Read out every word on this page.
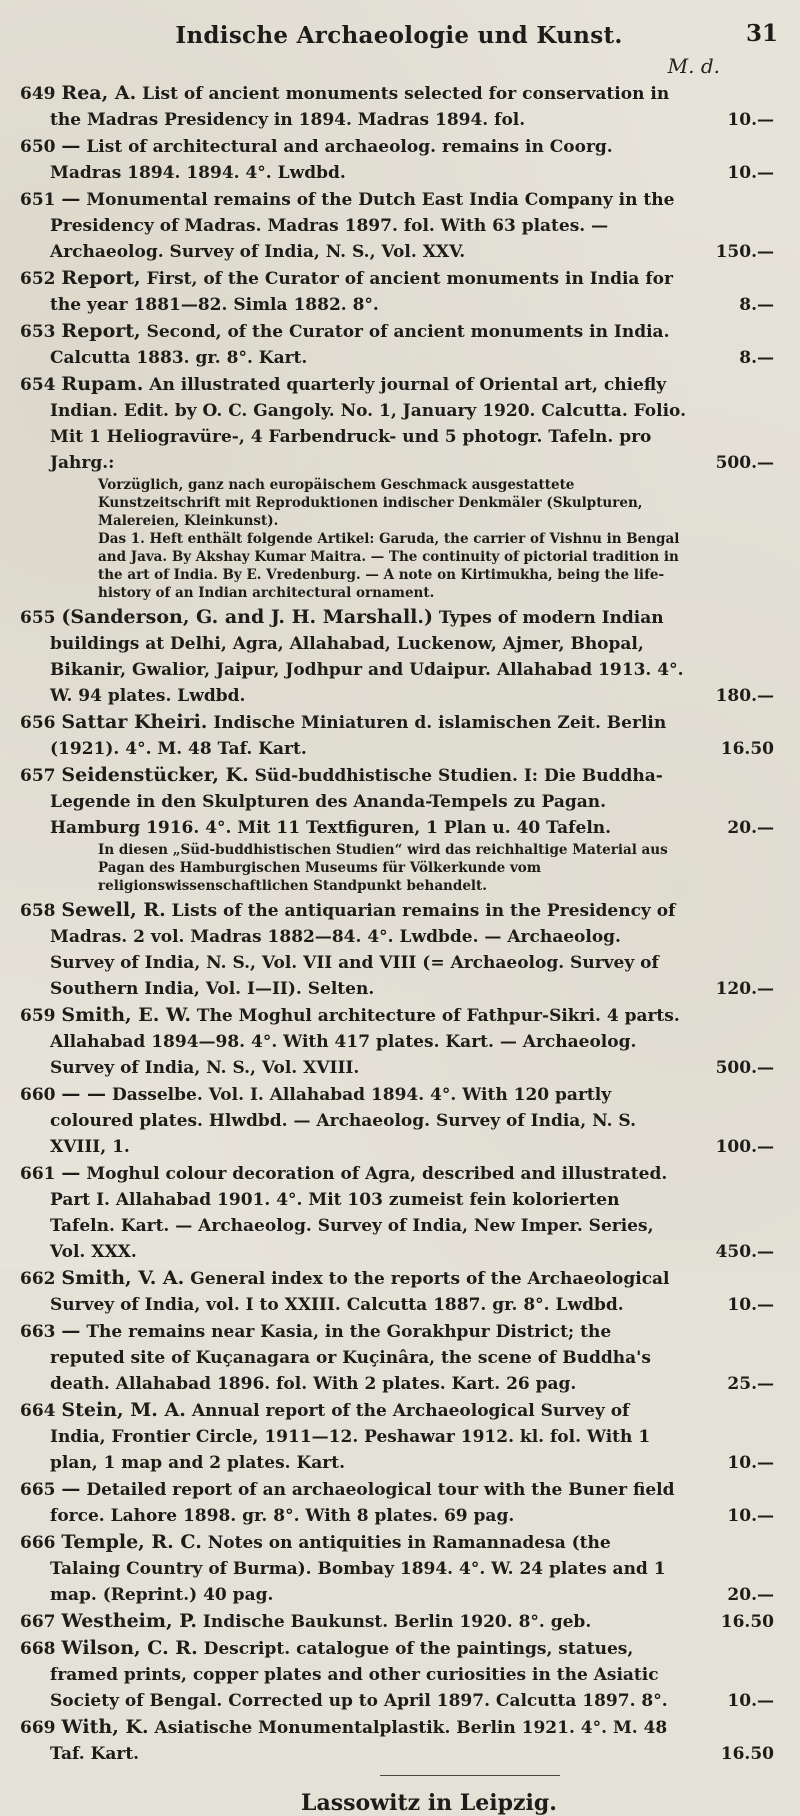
Indische Archaeologie und Kunst.	31
M. d.
649 Rea, A. List of ancient monuments selected for conservation in the Madras Presidency in 1894. Madras 1894. fol.	10.—
650 — List of architectural and archaeolog. remains in Coorg. Madras 1894. 1894. 4°. Lwdbd.	10.—
651 — Monumental remains of the Dutch East India Company in the Presidency of Madras. Madras 1897. fol. With 63 plates. — Archaeolog. Survey of India, N. S., Vol. XXV.	150.—
652 Report, First, of the Curator of ancient monuments in India for the year 1881—82. Simla 1882. 8°.	8.—
653 Report, Second, of the Curator of ancient monuments in India. Calcutta 1883. gr. 8°. Kart.	8.—
654 Rupam. An illustrated quarterly journal of Oriental art, chiefly Indian. Edit. by O. C. Gangoly. No. 1, January 1920. Calcutta. Folio. Mit 1 Heliogravüre-, 4 Farbendruck- und 5 photogr. Tafeln. pro Jahrg.:	500.—
Vorzüglich, ganz nach europäischem Geschmack ausgestattete Kunstzeitschrift mit Reproduktionen indischer Denkmäler (Skulpturen, Malereien, Kleinkunst).
Das 1. Heft enthält folgende Artikel: Garuda, the carrier of Vishnu in Bengal and Java. By Akshay Kumar Maitra. — The continuity of pictorial tradition in the art of India. By E. Vredenburg. — A note on Kirtimukha, being the life-history of an Indian architectural ornament.
655 (Sanderson, G. and J. H. Marshall.) Types of modern Indian buildings at Delhi, Agra, Allahabad, Luckenow, Ajmer, Bhopal, Bikanir, Gwalior, Jaipur, Jodhpur and Udaipur. Allahabad 1913. 4°. W. 94 plates. Lwdbd.	180.—
656 Sattar Kheiri. Indische Miniaturen d. islamischen Zeit. Berlin (1921). 4°. M. 48 Taf. Kart.	16.50
657 Seidenstücker, K. Süd-buddhistische Studien. I: Die Buddha-Legende in den Skulpturen des Ananda-Tempels zu Pagan. Hamburg 1916. 4°. Mit 11 Textfiguren, 1 Plan u. 40 Tafeln.	20.—
In diesen „Süd-buddhistischen Studien“ wird das reichhaltige Material aus Pagan des Hamburgischen Museums für Völkerkunde vom religionswissenschaftlichen Standpunkt behandelt.
658 Sewell, R. Lists of the antiquarian remains in the Presidency of Madras. 2 vol. Madras 1882—84. 4°. Lwdbde. — Archaeolog. Survey of India, N. S., Vol. VII and VIII (= Archaeolog. Survey of Southern India, Vol. I—II). Selten.	120.—
659 Smith, E. W. The Moghul architecture of Fathpur-Sikri. 4 parts. Allahabad 1894—98. 4°. With 417 plates. Kart. — Archaeolog. Survey of India, N. S., Vol. XVIII.	500.—
660 — — Dasselbe. Vol. I. Allahabad 1894. 4°. With 120 partly coloured plates. Hlwdbd. — Archaeolog. Survey of India, N. S. XVIII, 1.	100.—
661 — Moghul colour decoration of Agra, described and illustrated. Part I. Allahabad 1901. 4°. Mit 103 zumeist fein kolorierten Tafeln. Kart. — Archaeolog. Survey of India, New Imper. Series, Vol. XXX.	450.—
662 Smith, V. A. General index to the reports of the Archaeological Survey of India, vol. I to XXIII. Calcutta 1887. gr. 8°. Lwdbd.	10.—
663 — The remains near Kasia, in the Gorakhpur District; the reputed site of Kuçanagara or Kuçinâra, the scene of Buddha's death. Allahabad 1896. fol. With 2 plates. Kart. 26 pag.	25.—
664 Stein, M. A. Annual report of the Archaeological Survey of India, Frontier Circle, 1911—12. Peshawar 1912. kl. fol. With 1 plan, 1 map and 2 plates. Kart.	10.—
665 — Detailed report of an archaeological tour with the Buner field force. Lahore 1898. gr. 8°. With 8 plates. 69 pag.	10.—
666 Temple, R. C. Notes on antiquities in Ramannadesa (the Talaing Country of Burma). Bombay 1894. 4°. W. 24 plates and 1 map. (Reprint.) 40 pag.	20.—
667 Westheim, P. Indische Baukunst. Berlin 1920. 8°. geb.	16.50
668 Wilson, C. R. Descript. catalogue of the paintings, statues, framed prints, copper plates and other curiosities in the Asiatic Society of Bengal. Corrected up to April 1897. Calcutta 1897. 8°.	10.—
669 With, K. Asiatische Monumentalplastik. Berlin 1921. 4°. M. 48 Taf. Kart.	16.50
Lassowitz in Leipzig.
